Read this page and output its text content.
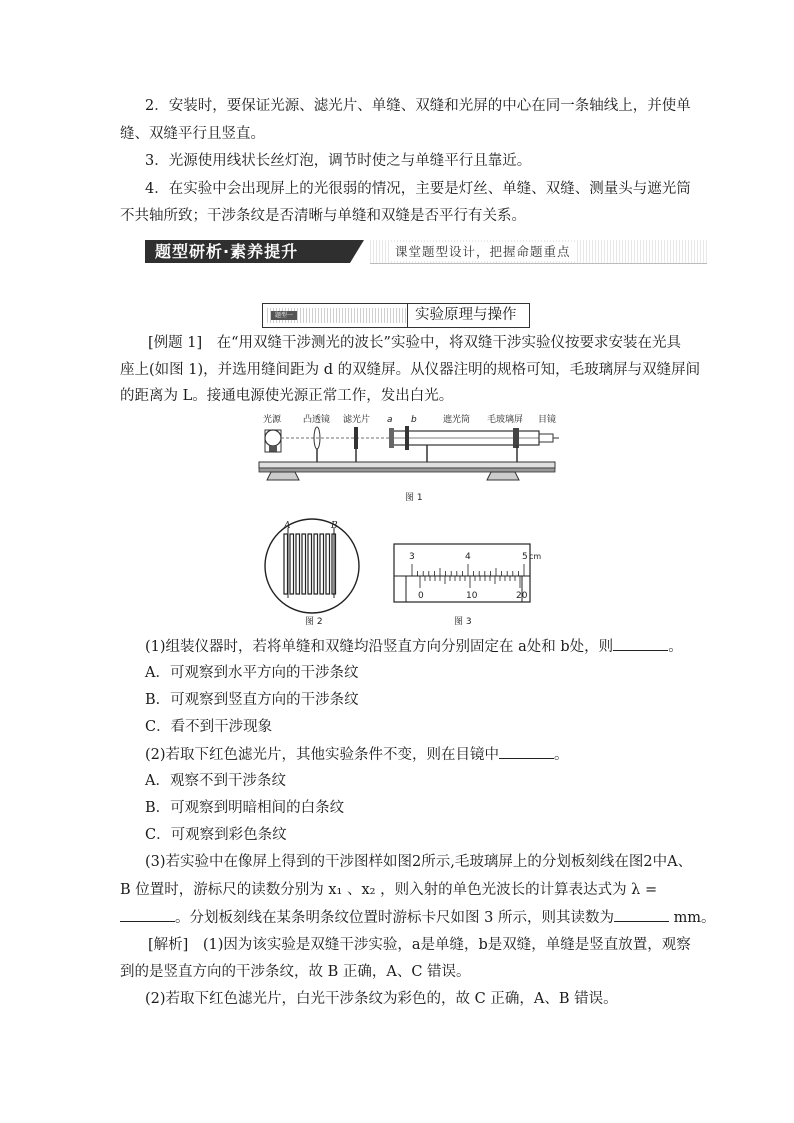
2．安装时，要保证光源、滤光片、单缝、双缝和光屏的中心在同一条轴线上，并使单
缝、双缝平行且竖直。
3．光源使用线状长丝灯泡，调节时使之与单缝平行且靠近。
4．在实验中会出现屏上的光很弱的情况，主要是灯丝、单缝、双缝、测量头与遮光筒
不共轴所致；干涉条纹是否清晰与单缝和双缝是否平行有关系。
题型研析·素养提升	课堂题型设计，把握命题重点
题型一	实验原理与操作
[例题 1]　在“用双缝干涉测光的波长”实验中，将双缝干涉实验仪按要求安装在光具
座上(如图 1)，并选用缝间距为 d 的双缝屏。从仪器注明的规格可知，毛玻璃屏与双缝屏间
的距离为 L。接通电源使光源正常工作，发出白光。
光源 凸透镜 滤光片 a b	遮光筒 毛玻璃屏 目镜
图 1
A	B
图 2
3	4	5 cm
0	10	20
图 3
(1)组装仪器时，若将单缝和双缝均沿竖直方向分别固定在 a处和 b处，则	。
A．可观察到水平方向的干涉条纹
B．可观察到竖直方向的干涉条纹
C．看不到干涉现象
(2)若取下红色滤光片，其他实验条件不变，则在目镜中	。
A．观察不到干涉条纹
B．可观察到明暗相间的白条纹
C．可观察到彩色条纹
(3)若实验中在像屏上得到的干涉图样如图2所示,毛玻璃屏上的分划板刻线在图2中A、
B 位置时，游标尺的读数分别为 x₁ 、x₂ ，则入射的单色光波长的计算表达式为 λ =
。分划板刻线在某条明条纹位置时游标卡尺如图 3 所示，则其读数为	mm。
[解析]　(1)因为该实验是双缝干涉实验，a是单缝，b是双缝，单缝是竖直放置，观察
到的是竖直方向的干涉条纹，故 B 正确，A、C 错误。
(2)若取下红色滤光片，白光干涉条纹为彩色的，故 C 正确，A、B 错误。
